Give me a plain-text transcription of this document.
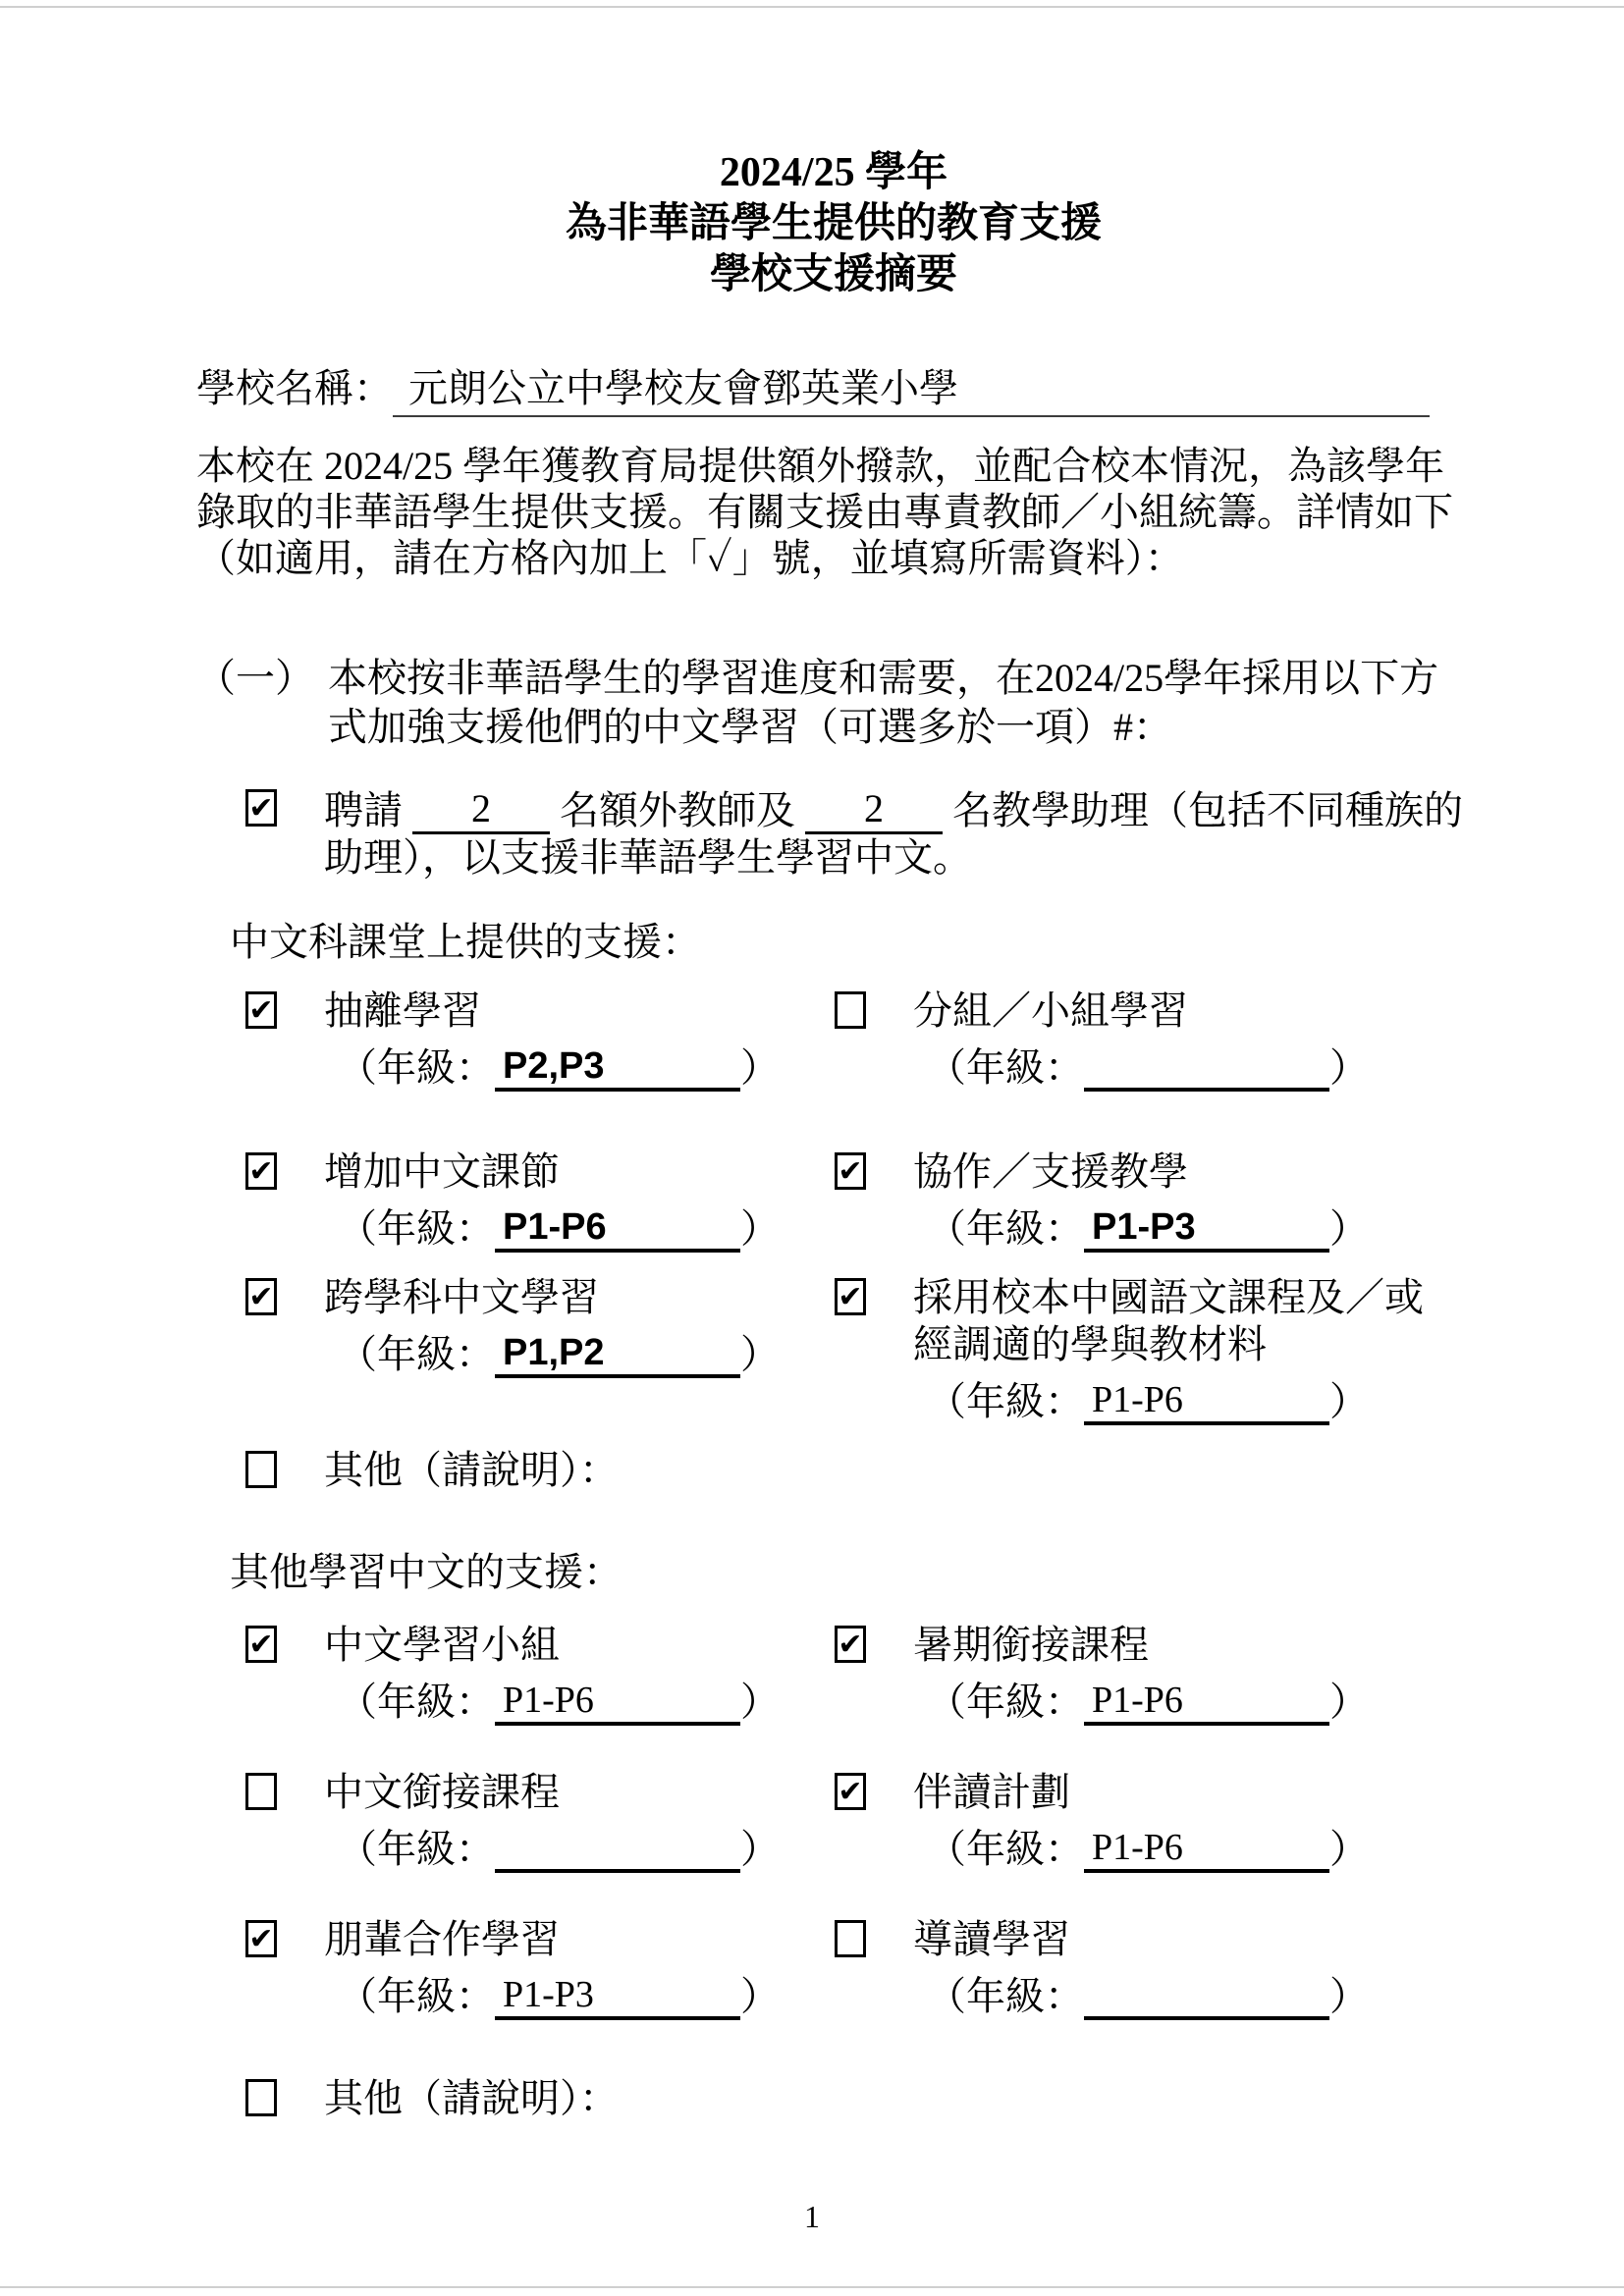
2024/25 學年
為非華語學生提供的教育支援
學校支援摘要
學校名稱： 元朗公立中學校友會鄧英業小學
本校在 2024/25 學年獲教育局提供額外撥款，並配合校本情況，為該學年
錄取的非華語學生提供支援。有關支援由專責教師／小組統籌。詳情如下
（如適用，請在方格內加上「✓」號，並填寫所需資料）：
（一） 本校按非華語學生的學習進度和需要，在2024/25學年採用以下方
式加強支援他們的中文學習（可選多於一項）#：
✔ 聘請 2 名額外教師及 2 名教學助理（包括不同種族的
助理），以支援非華語學生學習中文。
中文科課堂上提供的支援：
✔ 抽離學習
（年級： P2,P3	）
分組／小組學習
（年級：	）
✔ 增加中文課節
（年級： P1-P6	）
✔ 協作／支援教學
（年級： P1-P3	）
✔ 跨學科中文學習
（年級： P1,P2	）
✔ 採用校本中國語文課程及／或
經調適的學與教材料
（年級： P1-P6	）
其他（請說明）：
其他學習中文的支援：
✔ 中文學習小組
（年級： P1-P6	）
✔ 暑期銜接課程
（年級： P1-P6	）
中文銜接課程
（年級：	）
✔ 伴讀計劃
（年級： P1-P6	）
✔ 朋輩合作學習
（年級： P1-P3	）
導讀學習
（年級：	）
其他（請說明）：
1
